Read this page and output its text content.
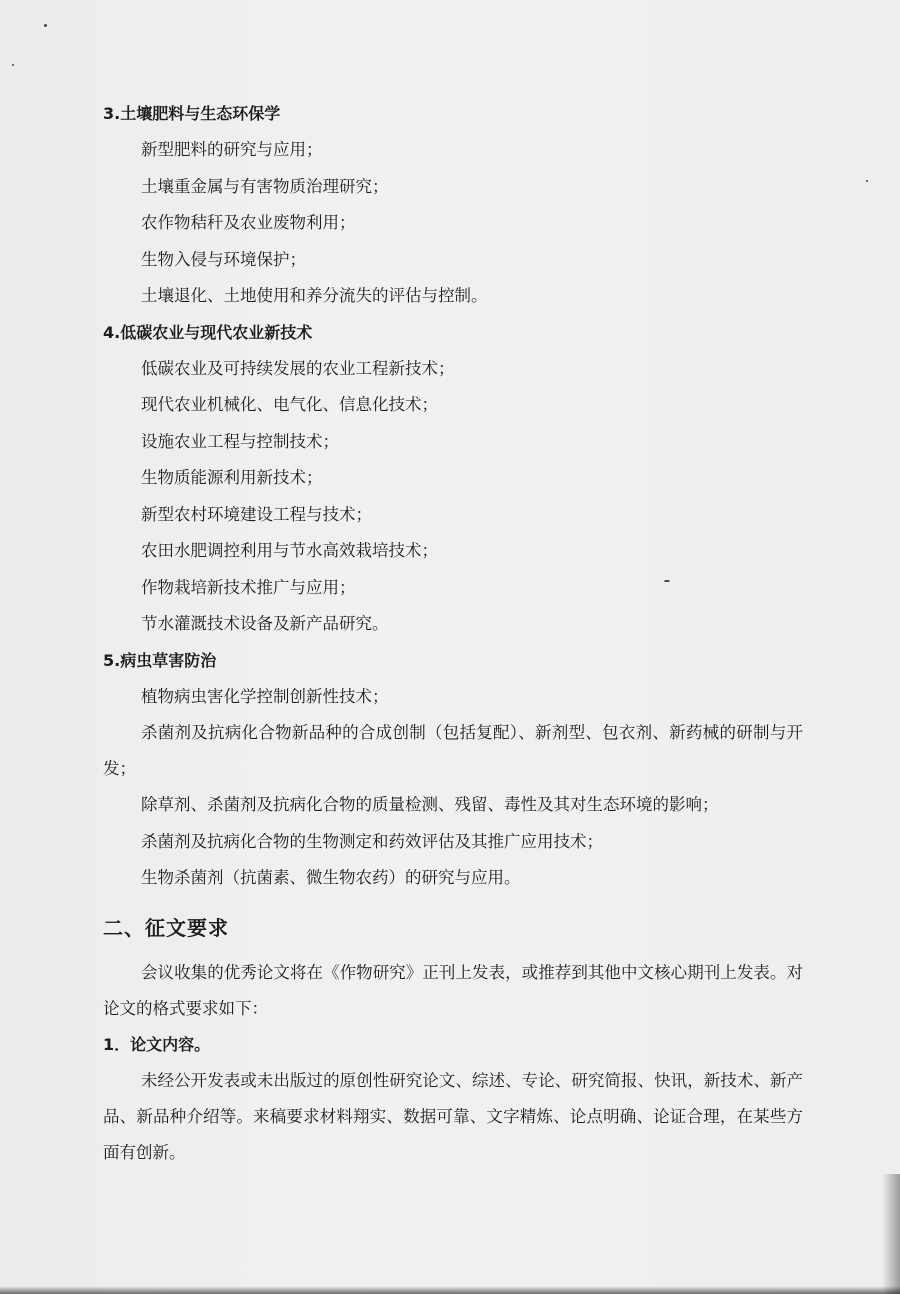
3.土壤肥料与生态环保学

新型肥料的研究与应用；

土壤重金属与有害物质治理研究；

农作物秸秆及农业废物利用；

生物入侵与环境保护；

土壤退化、土地使用和养分流失的评估与控制。

4.低碳农业与现代农业新技术

低碳农业及可持续发展的农业工程新技术；

现代农业机械化、电气化、信息化技术；

设施农业工程与控制技术；

生物质能源利用新技术；

新型农村环境建设工程与技术；

农田水肥调控利用与节水高效栽培技术；

作物栽培新技术推广与应用；

节水灌溉技术设备及新产品研究。

5.病虫草害防治

植物病虫害化学控制创新性技术；

杀菌剂及抗病化合物新品种的合成创制（包括复配）、新剂型、包衣剂、新药械的研制与开发；

除草剂、杀菌剂及抗病化合物的质量检测、残留、毒性及其对生态环境的影响；

杀菌剂及抗病化合物的生物测定和药效评估及其推广应用技术；

生物杀菌剂（抗菌素、微生物农药）的研究与应用。

二、征文要求

会议收集的优秀论文将在《作物研究》正刊上发表，或推荐到其他中文核心期刊上发表。对论文的格式要求如下：

1．论文内容。

未经公开发表或未出版过的原创性研究论文、综述、专论、研究简报、快讯，新技术、新产品、新品种介绍等。来稿要求材料翔实、数据可靠、文字精炼、论点明确、论证合理，在某些方面有创新。
